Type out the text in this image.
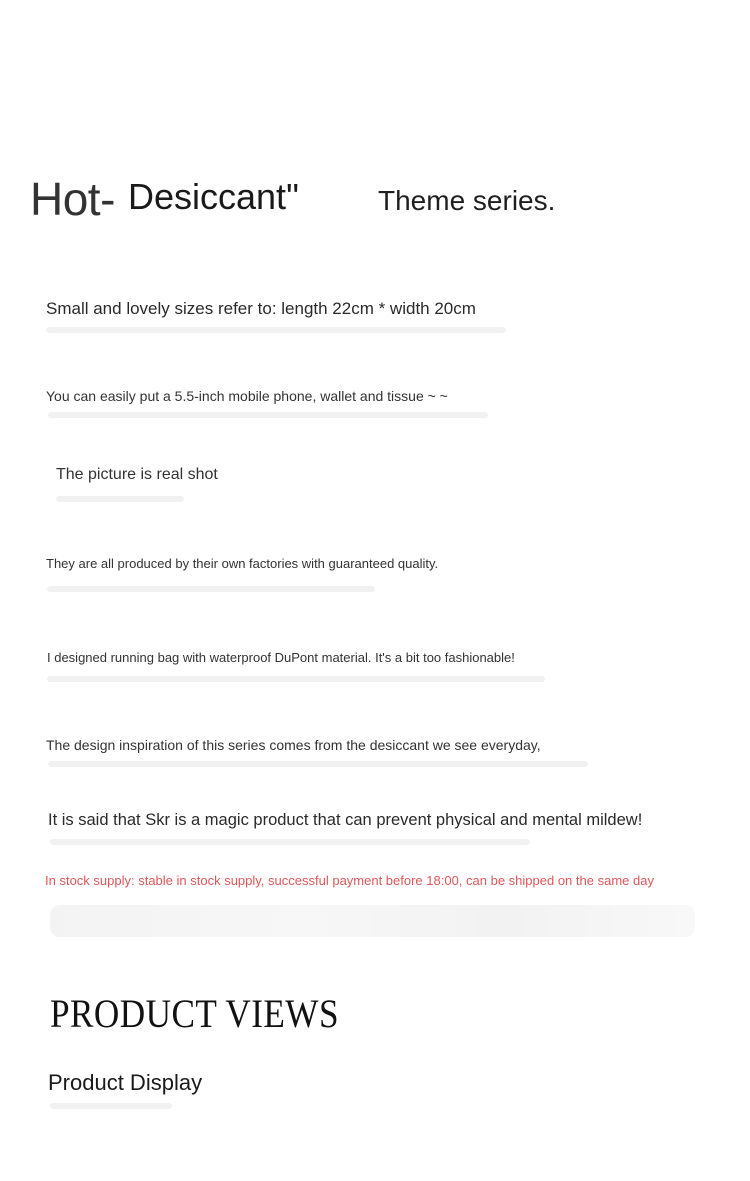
Hot- Desiccant"	Theme series.
Small and lovely sizes refer to: length 22cm * width 20cm
You can easily put a 5.5-inch mobile phone, wallet and tissue ~ ~
The picture is real shot
They are all produced by their own factories with guaranteed quality.
I designed running bag with waterproof DuPont material. It's a bit too fashionable!
The design inspiration of this series comes from the desiccant we see everyday,
It is said that Skr is a magic product that can prevent physical and mental mildew!
In stock supply: stable in stock supply, successful payment before 18:00, can be shipped on the same day
PRODUCT VIEWS
Product Display
